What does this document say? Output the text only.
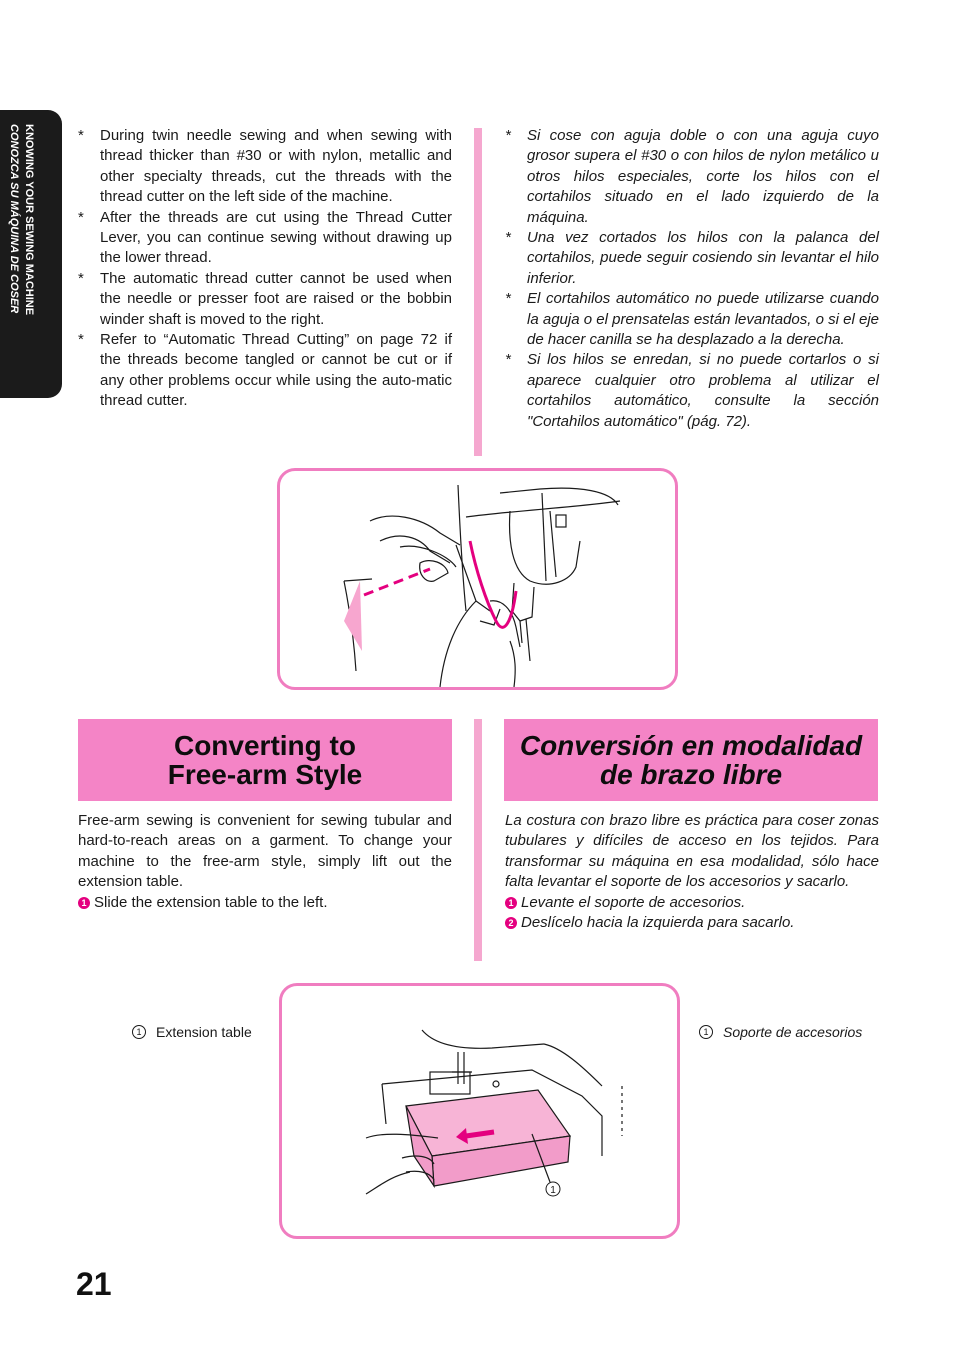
KNOWING YOUR SEWING MACHINE
CONOZCA SU MÁQUINA DE COSER
*	During twin needle sewing and when sewing with thread thicker than #30 or with nylon, metallic and other specialty threads, cut the threads with the thread cutter on the left side of the machine.
* After the threads are cut using the Thread Cutter Lever, you can continue sewing without drawing up the lower thread.
* The automatic thread cutter cannot be used when the needle or presser foot are raised or the bobbin winder shaft is moved to the right.
* Refer to “Automatic Thread Cutting” on page 72 if the threads become tangled or cannot be cut or if any other problems occur while using the auto-matic thread cutter.
* Si cose con aguja doble o con una aguja cuyo grosor supera el #30 o con hilos de nylon metálico u otros hilos especiales, corte los hilos con el cortahilos situado en el lado izquierdo de la máquina.
* Una vez cortados los hilos con la palanca del cortahilos, puede seguir cosiendo sin levantar el hilo inferior.
* El cortahilos automático no puede utilizarse cuando la aguja o el prensatelas están levantados, o si el eje de hacer canilla se ha desplazado a la derecha.
* Si los hilos se enredan, si no puede cortarlos o si aparece cualquier otro problema al utilizar el cortahilos automático, consulte la sección "Cortahilos automático" (pág. 72).
Converting to
Free-arm Style
Conversión en modalidad
de brazo libre

Free-arm sewing is convenient for sewing tubular and hard-to-reach areas on a garment. To change your machine to the free-arm style, simply lift out the extension table.

1 Slide the extension table to the left.

La costura con brazo libre es práctica para coser zonas tubulares y difíciles de acceso en los tejidos. Para transformar su máquina en esa modalidad, sólo hace falta levantar el soporte de los accesorios y sacarlo.

1 Levante el soporte de accesorios.

2 Deslícelo hacia la izquierda para sacarlo.

1	Extension table	1	Soporte de accesorios
1
21
